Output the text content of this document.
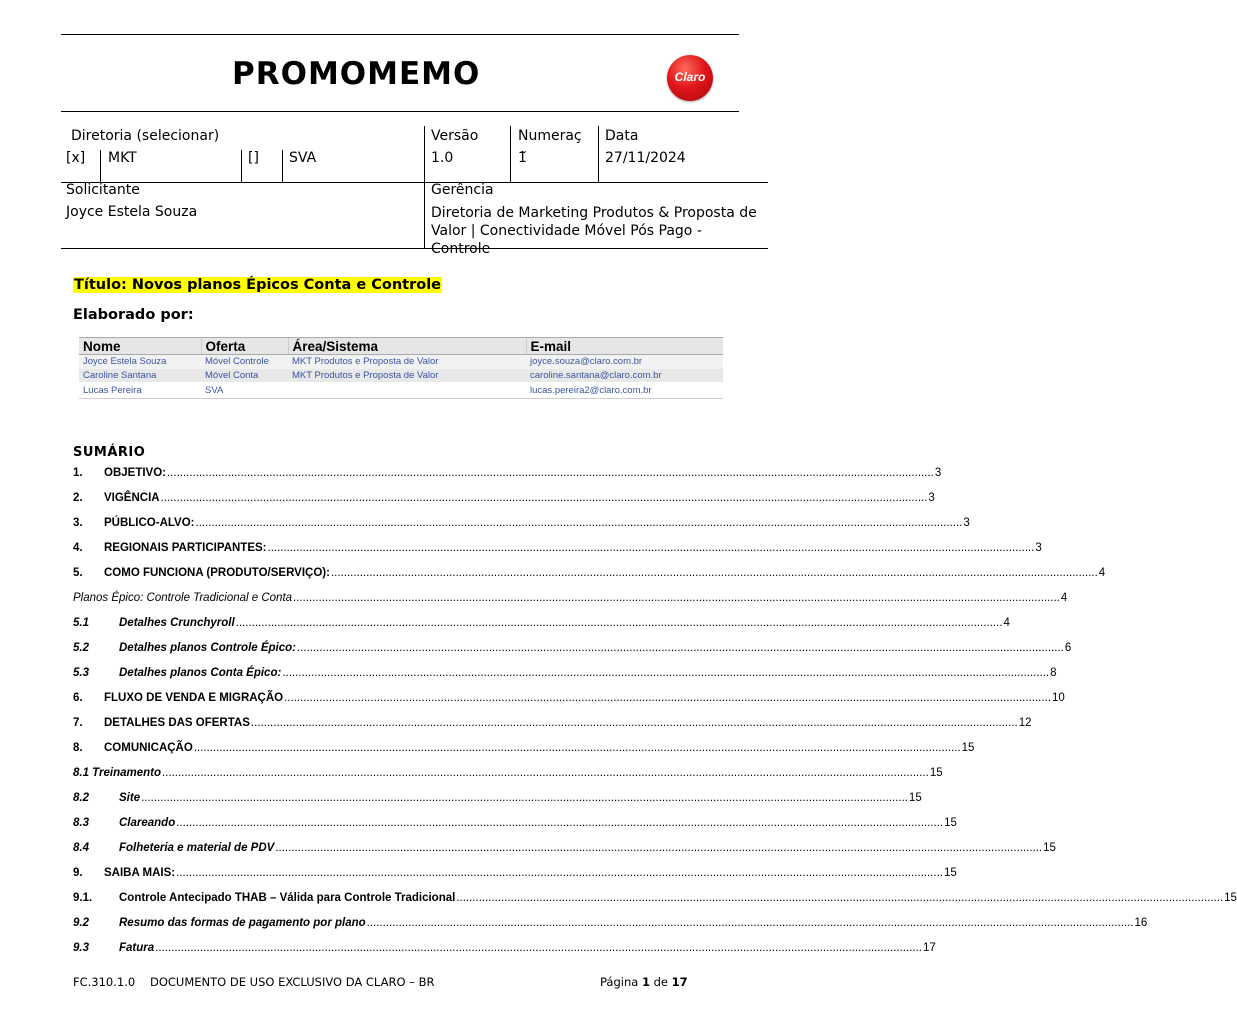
PROMOMEMO	Claro
Diretoria (selecionar)
[x] MKT	[] SVA
Versão
1.0
Numeraç
1̃
Data
27/11/2024
Solicitante
Joyce Estela Souza
Gerência
Diretoria de Marketing Produtos & Proposta de Valor | Conectividade Móvel Pós Pago - Controle
Título: Novos planos Épicos Conta e Controle
Elaborado por:
Nome	Oferta	Área/Sistema	E-mail
Joyce Estela Souza	Móvel Controle	MKT Produtos e Proposta de Valor	joyce.souza@claro.com.br
Caroline Santana	Móvel Conta	MKT Produtos e Proposta de Valor	caroline.santana@claro.com.br
Lucas Pereira	SVA		lucas.pereira2@claro.com.br
SUMÁRIO
1.	OBJETIVO: .....	3
2.	VIGÊNCIA .....	3
3.	PÚBLICO-ALVO: .....	3
4.	REGIONAIS PARTICIPANTES: .....	3
5.	COMO FUNCIONA (PRODUTO/SERVIÇO): .....	4
Planos Épico: Controle Tradicional e Conta .....	4
5.1	Detalhes Crunchyroll .....	4
5.2	Detalhes planos Controle Épico: .....	6
5.3	Detalhes planos Conta Épico: .....	8
6.	FLUXO DE VENDA E MIGRAÇÃO .....	10
7.	DETALHES DAS OFERTAS .....	12
8.	COMUNICAÇÃO .....	15
8.1 Treinamento .....	15
8.2	Site .....	15
8.3	Clareando .....	15
8.4	Folheteria e material de PDV .....	15
9.	SAIBA MAIS: .....	15
9.1.	Controle Antecipado THAB – Válida para Controle Tradicional .....	15
9.2	Resumo das formas de pagamento por plano .....	16
9.3	Fatura .....	17
FC.310.1.0 DOCUMENTO DE USO EXCLUSIVO DA CLARO – BR	Página 1 de 17
